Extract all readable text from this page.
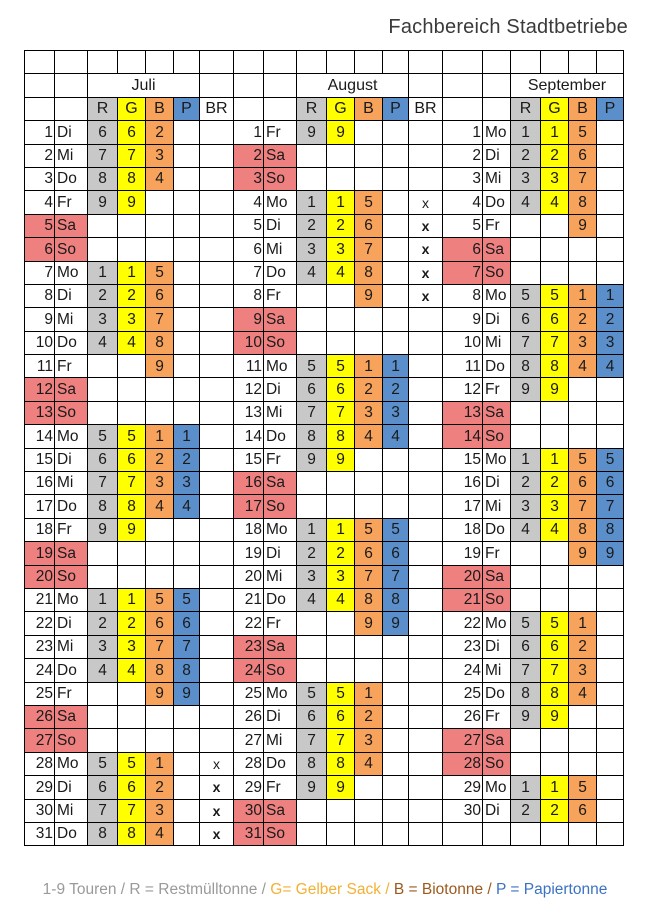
Fachbereich Stadtbetriebe

		Juli							August							September			
		R	G	B	P	BR			R	G	B	P	BR			R	G	B	P
1	Di	6	6	2			1	Fr	9	9				1	Mo	1	1	5	
2	Mi	7	7	3			2	Sa						2	Di	2	2	6	
3	Do	8	8	4			3	So						3	Mi	3	3	7	
4	Fr	9	9				4	Mo	1	1	5		x	4	Do	4	4	8	
5	Sa						5	Di	2	2	6		x	5	Fr			9	
6	So						6	Mi	3	3	7		x	6	Sa				
7	Mo	1	1	5			7	Do	4	4	8		x	7	So				
8	Di	2	2	6			8	Fr			9		x	8	Mo	5	5	1	1
9	Mi	3	3	7			9	Sa						9	Di	6	6	2	2
10	Do	4	4	8			10	So						10	Mi	7	7	3	3
11	Fr			9			11	Mo	5	5	1	1		11	Do	8	8	4	4
12	Sa						12	Di	6	6	2	2		12	Fr	9	9		
13	So						13	Mi	7	7	3	3		13	Sa				
14	Mo	5	5	1	1		14	Do	8	8	4	4		14	So				
15	Di	6	6	2	2		15	Fr	9	9				15	Mo	1	1	5	5
16	Mi	7	7	3	3		16	Sa						16	Di	2	2	6	6
17	Do	8	8	4	4		17	So						17	Mi	3	3	7	7
18	Fr	9	9				18	Mo	1	1	5	5		18	Do	4	4	8	8
19	Sa						19	Di	2	2	6	6		19	Fr			9	9
20	So						20	Mi	3	3	7	7		20	Sa				
21	Mo	1	1	5	5		21	Do	4	4	8	8		21	So				
22	Di	2	2	6	6		22	Fr			9	9		22	Mo	5	5	1	
23	Mi	3	3	7	7		23	Sa						23	Di	6	6	2	
24	Do	4	4	8	8		24	So						24	Mi	7	7	3	
25	Fr			9	9		25	Mo	5	5	1			25	Do	8	8	4	
26	Sa						26	Di	6	6	2			26	Fr	9	9		
27	So						27	Mi	7	7	3			27	Sa				
28	Mo	5	5	1		x	28	Do	8	8	4			28	So				
29	Di	6	6	2		x	29	Fr	9	9				29	Mo	1	1	5	
30	Mi	7	7	3		x	30	Sa						30	Di	2	2	6	
31	Do	8	8	4		x	31	So											
1-9 Touren / R = Restmülltonne / G= Gelber Sack / B = Biotonne / P = Papiertonne
